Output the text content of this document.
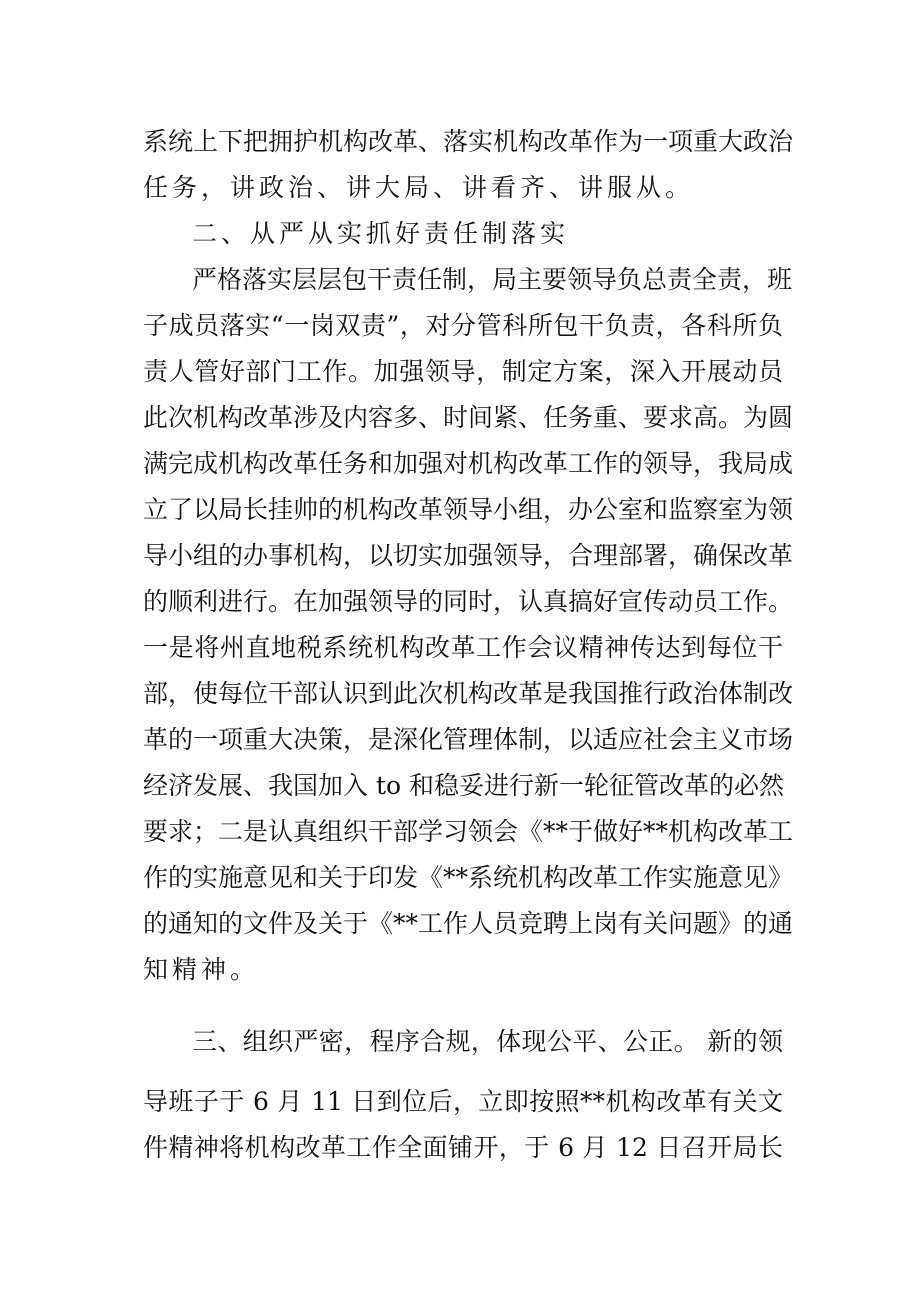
系统上下把拥护机构改革、落实机构改革作为一项重大政治
任务，讲政治、讲大局、讲看齐、讲服从。
二、从严从实抓好责任制落实
严格落实层层包干责任制，局主要领导负总责全责，班
子成员落实“一岗双责”，对分管科所包干负责，各科所负
责人管好部门工作。加强领导，制定方案，深入开展动员
此次机构改革涉及内容多、时间紧、任务重、要求高。为圆
满完成机构改革任务和加强对机构改革工作的领导，我局成
立了以局长挂帅的机构改革领导小组，办公室和监察室为领
导小组的办事机构，以切实加强领导，合理部署，确保改革
的顺利进行。在加强领导的同时，认真搞好宣传动员工作。
一是将州直地税系统机构改革工作会议精神传达到每位干
部，使每位干部认识到此次机构改革是我国推行政治体制改
革的一项重大决策，是深化管理体制，以适应社会主义市场
经济发展、我国加入 to 和稳妥进行新一轮征管改革的必然
要求；二是认真组织干部学习领会《**于做好**机构改革工
作的实施意见和关于印发《**系统机构改革工作实施意见》
的通知的文件及关于《**工作人员竞聘上岗有关问题》的通
知精神。
三、组织严密，程序合规，体现公平、公正。 新的领
导班子于 6 月 11 日到位后，立即按照**机构改革有关文
件精神将机构改革工作全面铺开，于 6 月 12 日召开局长
